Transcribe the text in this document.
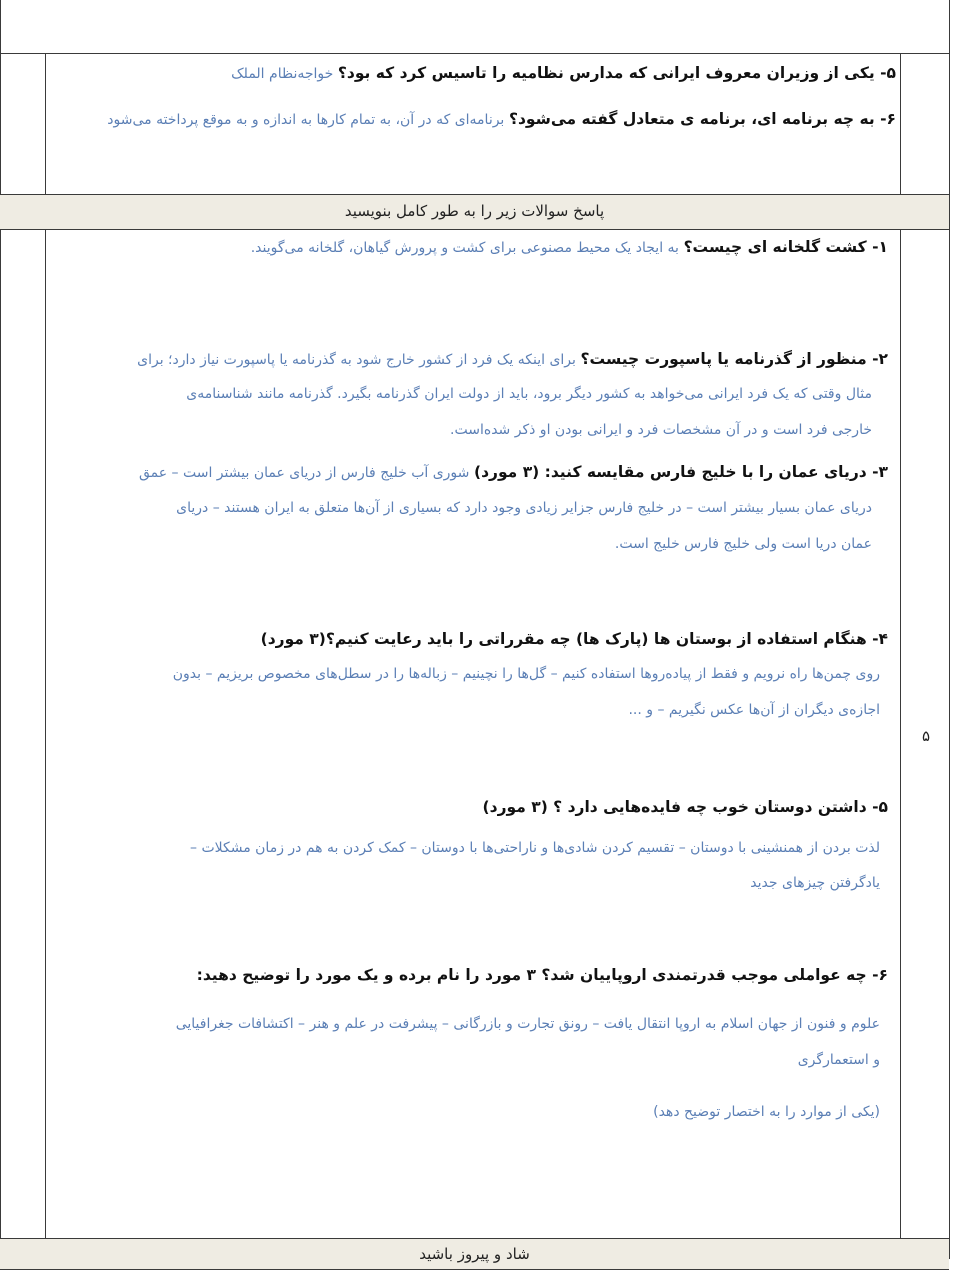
۵- یکی از وزیران معروف ایرانی که مدارس نظامیه را تاسیس کرد که بود؟ خواجه‌نظام الملک
۶- به چه برنامه ای، برنامه ی متعادل گفته می‌شود؟ برنامه‌ای که در آن، به تمام کارها به اندازه و به موقع پرداخته می‌شود
پاسخ سوالات زیر را به طور کامل بنویسید
۱- کشت گلخانه ای چیست؟ به ایجاد یک محیط مصنوعی برای کشت و پرورش گیاهان، گلخانه می‌گویند.
۲- منظور از گذرنامه یا پاسپورت چیست؟ برای اینکه یک فرد از کشور خارج شود به گذرنامه یا پاسپورت نیاز دارد؛ برای
مثال وقتی که یک فرد ایرانی می‌خواهد به کشور دیگر برود، باید از دولت ایران گذرنامه بگیرد. گذرنامه مانند شناسنامه‌ی
خارجی فرد است و در آن مشخصات فرد و ایرانی بودن او ذکر شده‌است.
۳- دریای عمان را با خلیج فارس مقایسه کنید: (۳ مورد) شوری آب خلیج فارس از دریای عمان بیشتر است – عمق
دریای عمان بسیار بیشتر است – در خلیج فارس جزایر زیادی وجود دارد که بسیاری از آن‌ها متعلق به ایران هستند – دریای
عمان دریا است ولی خلیج فارس خلیج است.
۴- هنگام استفاده از بوستان ها (پارک ها) چه مقرراتی را باید رعایت کنیم؟(۳ مورد)
روی چمن‌ها راه نرویم و فقط از پیاده‌روها استفاده کنیم – گل‌ها را نچینیم – زباله‌ها را در سطل‌های مخصوص بریزیم – بدون
اجازه‌ی دیگران از آن‌ها عکس نگیریم – و ...
۵
۵- داشتن دوستان خوب چه فایده‌هایی دارد ؟ (۳ مورد)
لذت بردن از همنشینی با دوستان – تقسیم کردن شادی‌ها و ناراحتی‌ها با دوستان – کمک کردن به هم در زمان مشکلات –
یادگرفتن چیزهای جدید
۶- چه عواملی موجب قدرتمندی اروپاییان شد؟ ۳ مورد را نام برده و یک مورد را توضیح دهید:
علوم و فنون از جهان اسلام به اروپا انتقال یافت – رونق تجارت و بازرگانی – پیشرفت در علم و هنر – اکتشافات جغرافیایی
و استعمارگری
(یکی از موارد را به اختصار توضیح دهد)
شاد و پیروز باشید
